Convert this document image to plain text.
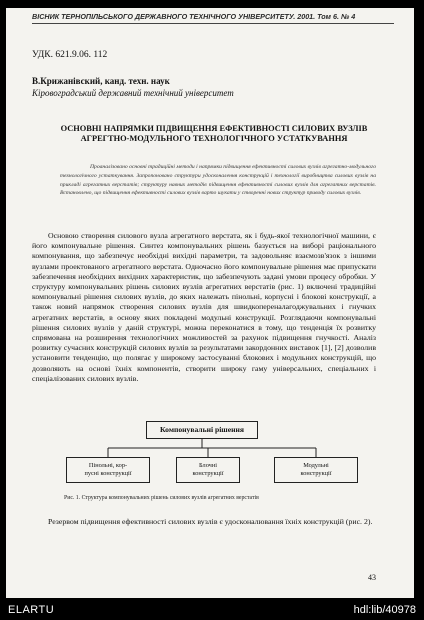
ВІСНИК ТЕРНОПІЛЬСЬКОГО ДЕРЖАВНОГО ТЕХНІЧНОГО УНІВЕРСИТЕТУ. 2001. Том 6. № 4
УДК. 621.9.06. 112
В.Крижанівский, канд. техн. наук
Кіровоградський державний технічний університет
ОСНОВНІ НАПРЯМКИ ПІДВИЩЕННЯ ЕФЕКТИВНОСТІ СИЛОВИХ ВУЗЛІВ
АГРЕГТНО-МОДУЛЬНОГО ТЕХНОЛОГІЧНОГО УСТАТКУВАННЯ

Проаналізовано основні традиційні методи і напрямки підвищення ефективності силових вузлів агрегатно-модульного технологічного устаткування. Запропоновано структури удосконалення конструкцій і технології виробництва силових вузлів на прикладі агрегатних верстатів; структуру навних методів підвищення ефективності силових вузлів для агрегатних верстатів. Встановлено, що підвищення ефективності силових вузлів варто шукати у створенні нових структур приводу силових вузлів.

Основою створення силового вузла агрегатного верстата, як і будь-якої технологічної машини, є його компонувальне рішення. Синтез компонувальних рішень базується на виборі раціонального компонування, що забезпечує необхідні вихідні параметри, та задовольняє взаємозв'язок з іншими вузлами проектованого агрегатного верстата. Одночасно його компонувальне рішення має припускати забезпечення необхідних вихідних характеристик, що забезпечують задані умови процесу обробки. У структуру компонувальних рішень силових вузлів агрегатних верстатів (рис. 1) включені традиційні компонувальні рішення силових вузлів, до яких належать пінольні, корпусні і блокові конструкції, а також новий напрямок створення силових вузлів для швидкопереналагоджувальних і гнучких агрегатних верстатів, в основу яких покладені модульні конструкції. Розглядаючи компонувальні рішення силових вузлів у даній структурі, можна переконатися в тому, що тенденція їх розвитку спрямована на розширення технологічних можливостей за рахунок підвищення гнучкості. Аналіз розвитку сучасних конструкцій силових вузлів за результатами закордонних виставок [1], [2] дозволив установити тенденцію, що полягає у широкому застосуванні блокових і модульних конструкцій, що дозволяють на основі їхніх компонентів, створити широку гаму універсальних, спеціальних і спеціалізованих силових вузлів.

Компонувальні рішення
Пінольні, кор-
пусні конструкції
Блочні
конструкції
Модульні
конструкції
Рис. 1. Структура компонувальних рішень силових вузлів агрегатних верстатів

Резервом підвищення ефективності силових вузлів є удосконалювання їхніх конструкцій (рис. 2).

43
ELARTU	hdl:lib/40978
